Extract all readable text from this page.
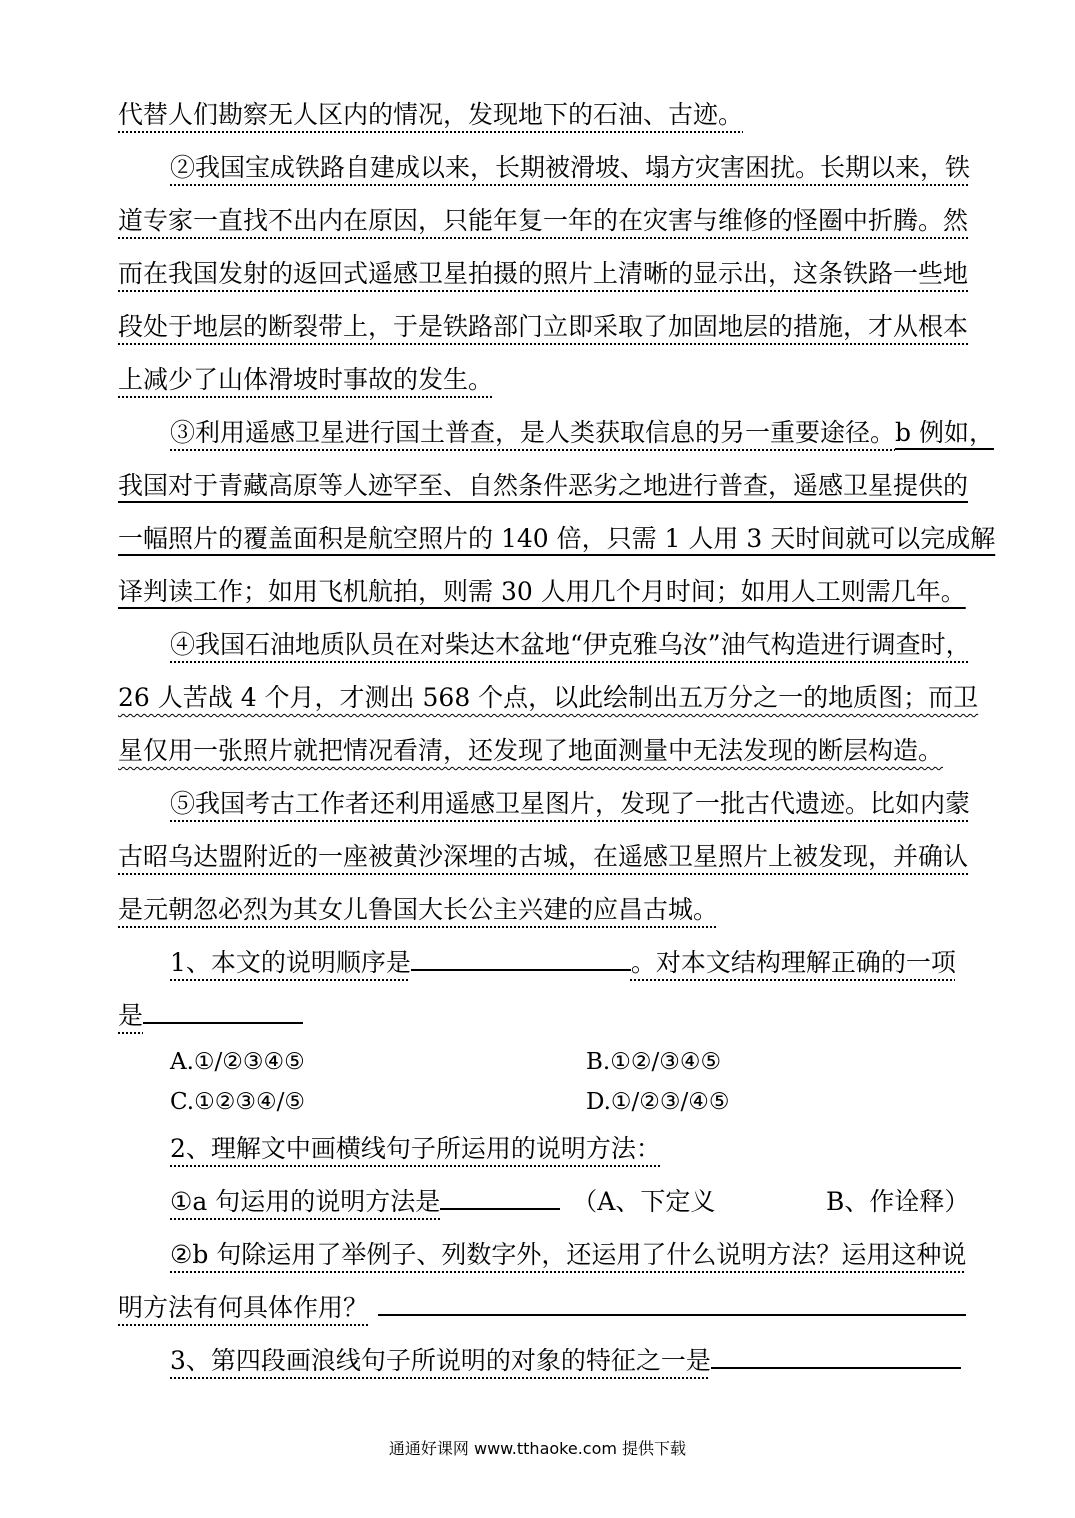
代替人们勘察无人区内的情况，发现地下的石油、古迹。
②我国宝成铁路自建成以来，长期被滑坡、塌方灾害困扰。长期以来，铁
道专家一直找不出内在原因，只能年复一年的在灾害与维修的怪圈中折腾。然
而在我国发射的返回式遥感卫星拍摄的照片上清晰的显示出，这条铁路一些地
段处于地层的断裂带上，于是铁路部门立即采取了加固地层的措施，才从根本
上减少了山体滑坡时事故的发生。
③利用遥感卫星进行国土普查，是人类获取信息的另一重要途径。b 例如，
我国对于青藏高原等人迹罕至、自然条件恶劣之地进行普查，遥感卫星提供的
一幅照片的覆盖面积是航空照片的 140 倍，只需 1 人用 3 天时间就可以完成解
译判读工作；如用飞机航拍，则需 30 人用几个月时间；如用人工则需几年。
④我国石油地质队员在对柴达木盆地“伊克雅乌汝”油气构造进行调查时，
26 人苦战 4 个月，才测出 568 个点，以此绘制出五万分之一的地质图；而卫
星仅用一张照片就把情况看清，还发现了地面测量中无法发现的断层构造。
⑤我国考古工作者还利用遥感卫星图片，发现了一批古代遗迹。比如内蒙
古昭乌达盟附近的一座被黄沙深埋的古城，在遥感卫星照片上被发现，并确认
是元朝忽必烈为其女儿鲁国大长公主兴建的应昌古城。
1、本文的说明顺序是	。对本文结构理解正确的一项
是
A.①/②③④⑤	B.①②/③④⑤
C.①②③④/⑤	D.①/②③/④⑤
2、理解文中画横线句子所运用的说明方法：
①a 句运用的说明方法是	（A、下定义	B、作诠释）
②b 句除运用了举例子、列数字外，还运用了什么说明方法？运用这种说
明方法有何具体作用？
3、第四段画浪线句子所说明的对象的特征之一是
通通好课网 www.tthaoke.com 提供下载
